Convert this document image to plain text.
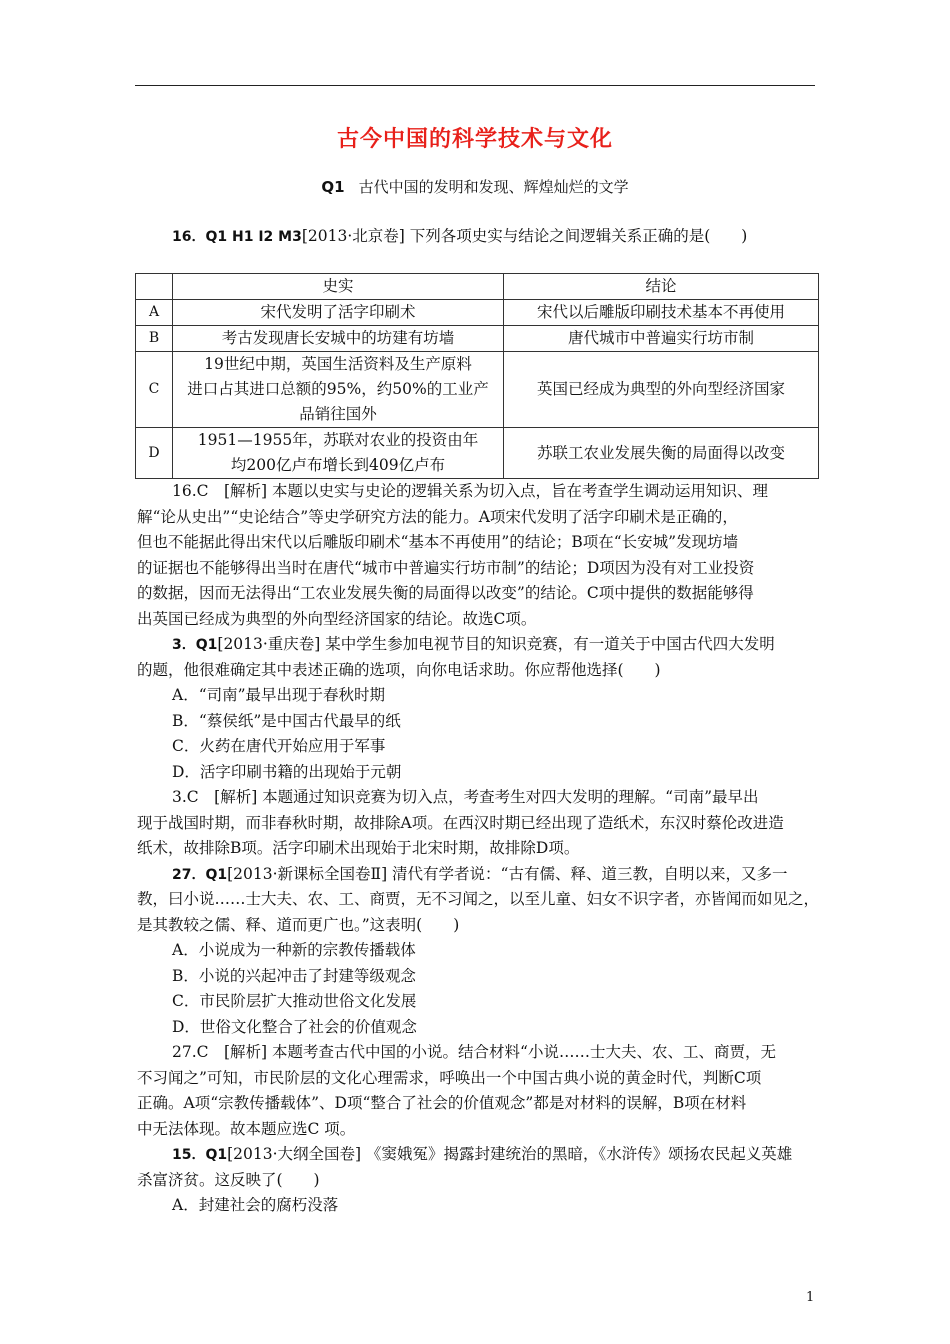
古今中国的科学技术与文化
Q1 古代中国的发明和发现、辉煌灿烂的文学
16．Q1 H1 I2 M3[2013·北京卷] 下列各项史实与结论之间逻辑关系正确的是(　　)
	史实	结论
A	宋代发明了活字印刷术	宋代以后雕版印刷技术基本不再使用
B	考古发现唐长安城中的坊建有坊墙	唐代城市中普遍实行坊市制
C	19世纪中期，英国生活资料及生产原料
进口占其进口总额的95%，约50%的工业产
品销往国外	英国已经成为典型的外向型经济国家
D	1951—1955年，苏联对农业的投资由年
均200亿卢布增长到409亿卢布	苏联工农业发展失衡的局面得以改变
16.C　[解析] 本题以史实与史论的逻辑关系为切入点，旨在考查学生调动运用知识、理
解“论从史出”“史论结合”等史学研究方法的能力。A项宋代发明了活字印刷术是正确的，
但也不能据此得出宋代以后雕版印刷术“基本不再使用”的结论；B项在“长安城”发现坊墙
的证据也不能够得出当时在唐代“城市中普遍实行坊市制”的结论；D项因为没有对工业投资
的数据，因而无法得出“工农业发展失衡的局面得以改变”的结论。C项中提供的数据能够得
出英国已经成为典型的外向型经济国家的结论。故选C项。
3．Q1[2013·重庆卷] 某中学生参加电视节目的知识竞赛，有一道关于中国古代四大发明
的题，他很难确定其中表述正确的选项，向你电话求助。你应帮他选择(　　)
A．“司南”最早出现于春秋时期
B．“蔡侯纸”是中国古代最早的纸
C．火药在唐代开始应用于军事
D．活字印刷书籍的出现始于元朝
3.C　[解析] 本题通过知识竞赛为切入点，考查考生对四大发明的理解。“司南”最早出
现于战国时期，而非春秋时期，故排除A项。在西汉时期已经出现了造纸术，东汉时蔡伦改进造
纸术，故排除B项。活字印刷术出现始于北宋时期，故排除D项。
27．Q1[2013·新课标全国卷Ⅱ] 清代有学者说：“古有儒、释、道三教，自明以来，又多一
教，曰小说……士大夫、农、工、商贾，无不习闻之，以至儿童、妇女不识字者，亦皆闻而如见之，
是其教较之儒、释、道而更广也。”这表明(　　)
A．小说成为一种新的宗教传播载体
B．小说的兴起冲击了封建等级观念
C．市民阶层扩大推动世俗文化发展
D．世俗文化整合了社会的价值观念
27.C　[解析] 本题考查古代中国的小说。结合材料“小说……士大夫、农、工、商贾，无
不习闻之”可知，市民阶层的文化心理需求，呼唤出一个中国古典小说的黄金时代，判断C项
正确。A项“宗教传播载体”、D项“整合了社会的价值观念”都是对材料的误解，B项在材料
中无法体现。故本题应选C 项。
15．Q1[2013·大纲全国卷] 《窦娥冤》揭露封建统治的黑暗，《水浒传》颂扬农民起义英雄
杀富济贫。这反映了(　　)
A．封建社会的腐朽没落
1
